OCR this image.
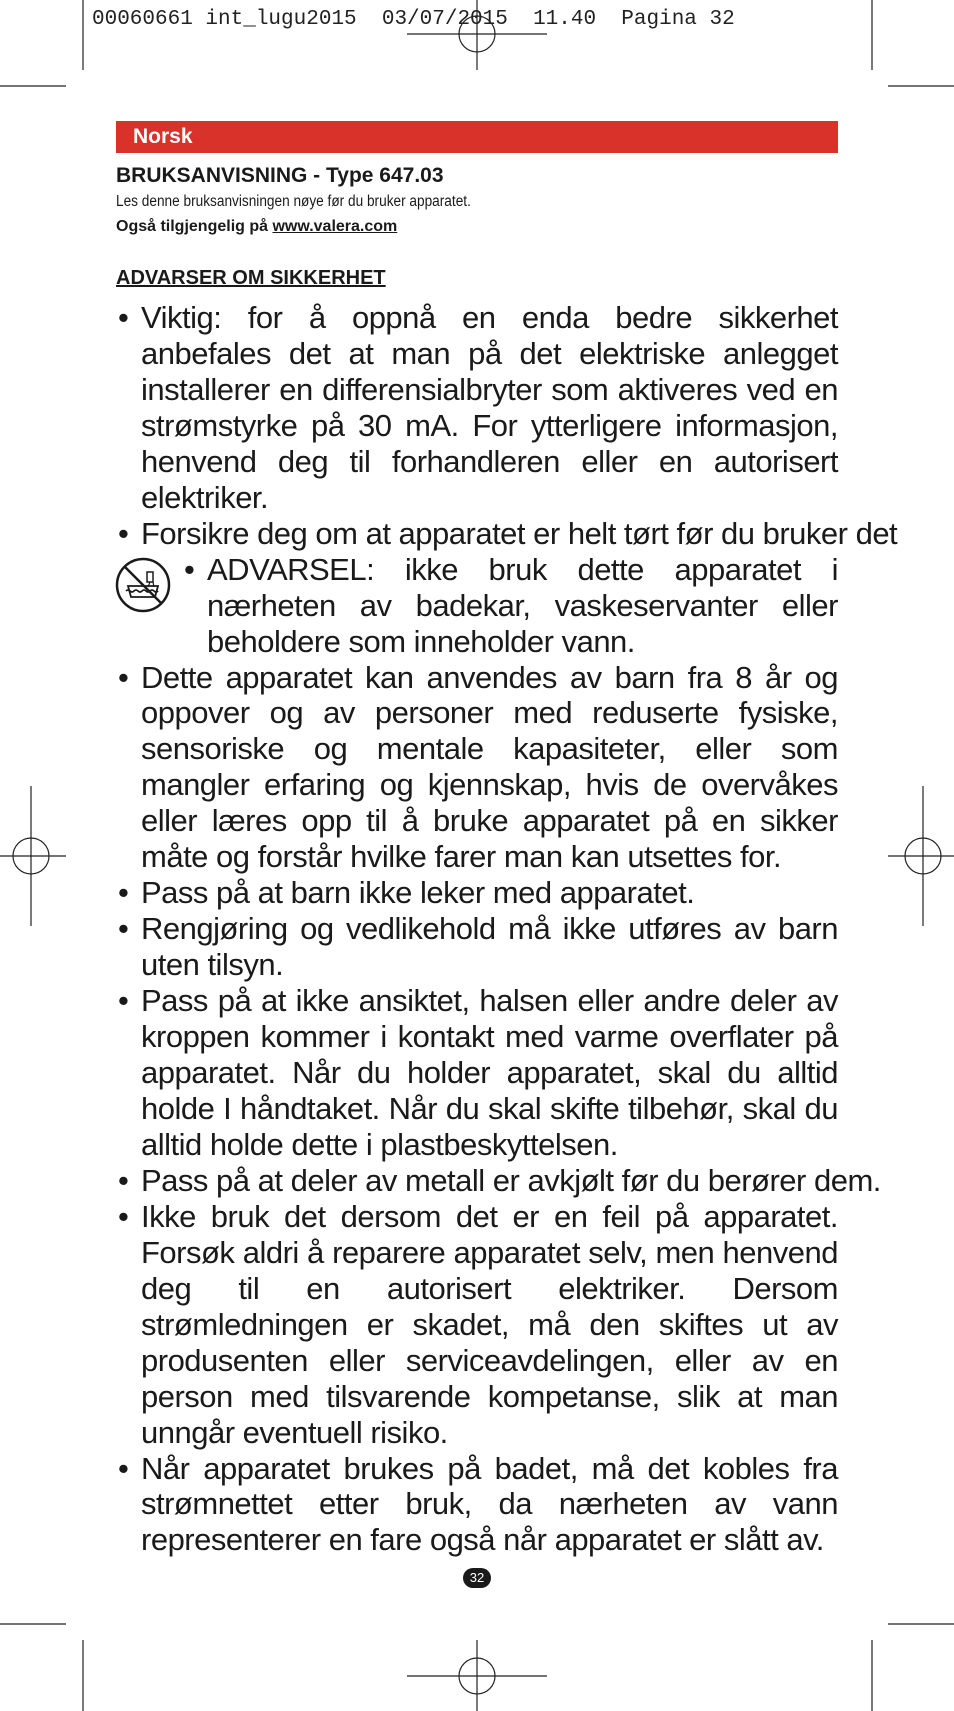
00060661 int_lugu2015  03/07/2015  11.40  Pagina 32
Norsk
BRUKSANVISNING - Type 647.03
Les denne bruksanvisningen nøye før du bruker apparatet.
Også tilgjengelig på www.valera.com
ADVARSER OM SIKKERHET
• Viktig: for å oppnå en enda bedre sikkerhet anbefales det at man på det elektriske anlegget installerer en differensialbryter som aktiveres ved en strømstyrke på 30 mA. For ytterligere informasjon, henvend deg til forhandleren eller en autorisert elektriker.
• Forsikre deg om at apparatet er helt tørt før du bruker det
• ADVARSEL: ikke bruk dette apparatet i nærheten av badekar, vaskeservanter eller beholdere som inneholder vann.
• Dette apparatet kan anvendes av barn fra 8 år og oppover og av personer med reduserte fysiske, sensoriske og mentale kapasiteter, eller som mangler erfaring og kjennskap, hvis de overvåkes eller læres opp til å bruke apparatet på en sikker måte og forstår hvilke farer man kan utsettes for.
• Pass på at barn ikke leker med apparatet.
• Rengjøring og vedlikehold må ikke utføres av barn uten tilsyn.
• Pass på at ikke ansiktet, halsen eller andre deler av kroppen kommer i kontakt med varme overflater på apparatet. Når du holder apparatet, skal du alltid holde I håndtaket. Når du skal skifte tilbehør, skal du alltid holde dette i plastbeskyttelsen.
• Pass på at deler av metall er avkjølt før du berører dem.
• Ikke bruk det dersom det er en feil på apparatet. Forsøk aldri å reparere apparatet selv, men henvend deg til en autorisert elektriker. Dersom strømledningen er skadet, må den skiftes ut av produsenten eller serviceavdelingen, eller av en person med tilsvarende kompetanse, slik at man unngår eventuell risiko.
• Når apparatet brukes på badet, må det kobles fra strømnettet etter bruk, da nærheten av vann representerer en fare også når apparatet er slått av.
32
